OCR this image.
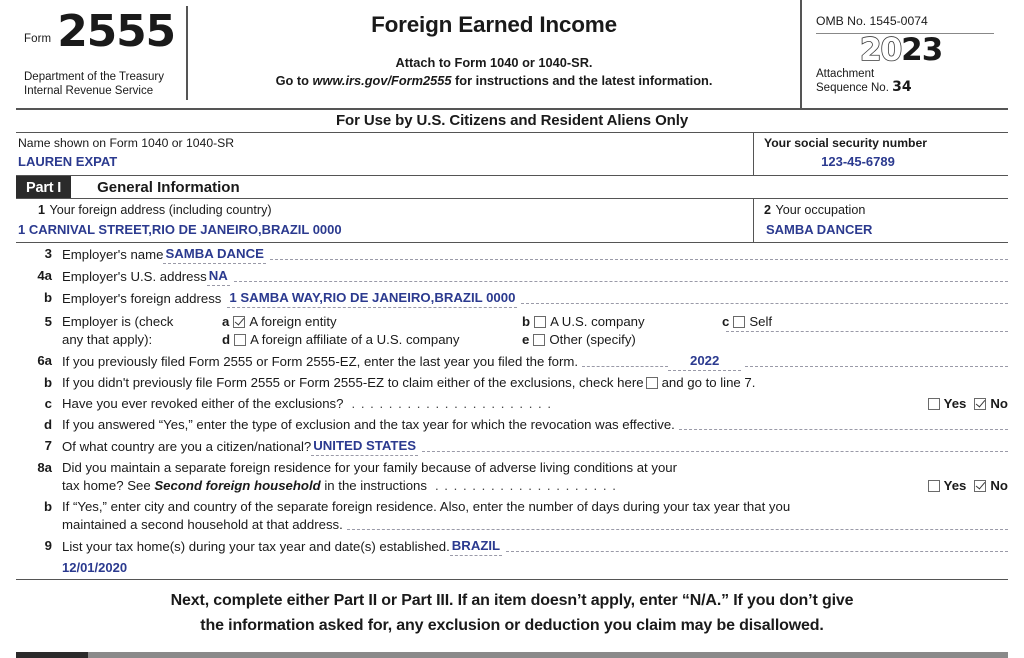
Form 2555
Department of the Treasury
Internal Revenue Service
Foreign Earned Income
Attach to Form 1040 or 1040-SR.
Go to www.irs.gov/Form2555 for instructions and the latest information.
OMB No. 1545-0074
2023
Attachment
Sequence No. 34
For Use by U.S. Citizens and Resident Aliens Only
Name shown on Form 1040 or 1040-SR
LAUREN EXPAT
Your social security number
123-45-6789
Part I	General Information
1 Your foreign address (including country)
1 CARNIVAL STREET,RIO DE JANEIRO,BRAZIL 0000
2 Your occupation
SAMBA DANCER
3 Employer's name SAMBA DANCE
4a Employer's U.S. address NA
b Employer's foreign address 1 SAMBA WAY,RIO DE JANEIRO,BRAZIL 0000
5 Employer is (check	a A foreign entity	b A U.S. company	c Self
any that apply):	d A foreign affiliate of a U.S. company	e Other (specify)
6a If you previously filed Form 2555 or Form 2555-EZ, enter the last year you filed the form.	2022
b If you didn't previously file Form 2555 or Form 2555-EZ to claim either of the exclusions, check here and go to line 7.
c Have you ever revoked either of the exclusions? . . . . . . . . . . . . . . . . . . . . . .	Yes No
d If you answered “Yes,” enter the type of exclusion and the tax year for which the revocation was effective.
7 Of what country are you a citizen/national? UNITED STATES
8a Did you maintain a separate foreign residence for your family because of adverse living conditions at your
tax home? See Second foreign household in the instructions . . . . . . . . . . . . . . . . . . . .	Yes No
b If “Yes,” enter city and country of the separate foreign residence. Also, enter the number of days during your tax year that you
maintained a second household at that address.
9 List your tax home(s) during your tax year and date(s) established. BRAZIL
12/01/2020
Next, complete either Part II or Part III. If an item doesn’t apply, enter “N/A.” If you don’t give
the information asked for, any exclusion or deduction you claim may be disallowed.
